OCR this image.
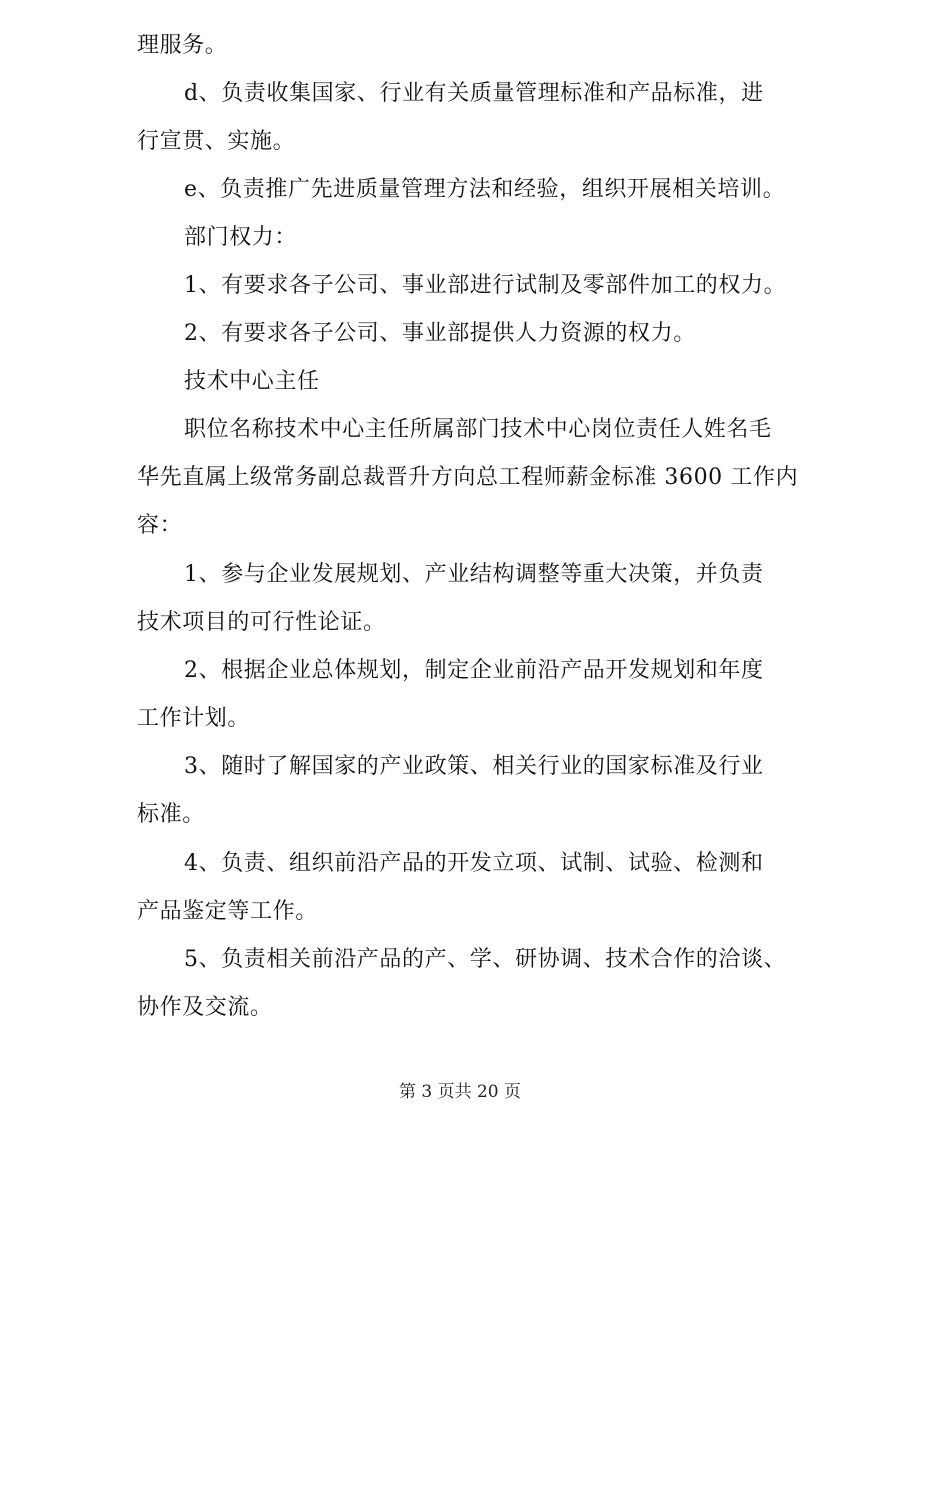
理服务。
d、负责收集国家、行业有关质量管理标准和产品标准，进
行宣贯、实施。
e、负责推广先进质量管理方法和经验，组织开展相关培训。
部门权力：
1、有要求各子公司、事业部进行试制及零部件加工的权力。
2、有要求各子公司、事业部提供人力资源的权力。
技术中心主任
职位名称技术中心主任所属部门技术中心岗位责任人姓名毛
华先直属上级常务副总裁晋升方向总工程师薪金标准 3600 工作内
容：
1、参与企业发展规划、产业结构调整等重大决策，并负责
技术项目的可行性论证。
2、根据企业总体规划，制定企业前沿产品开发规划和年度
工作计划。
3、随时了解国家的产业政策、相关行业的国家标准及行业
标准。
4、负责、组织前沿产品的开发立项、试制、试验、检测和
产品鉴定等工作。
5、负责相关前沿产品的产、学、研协调、技术合作的洽谈、
协作及交流。
第 3 页共 20 页
